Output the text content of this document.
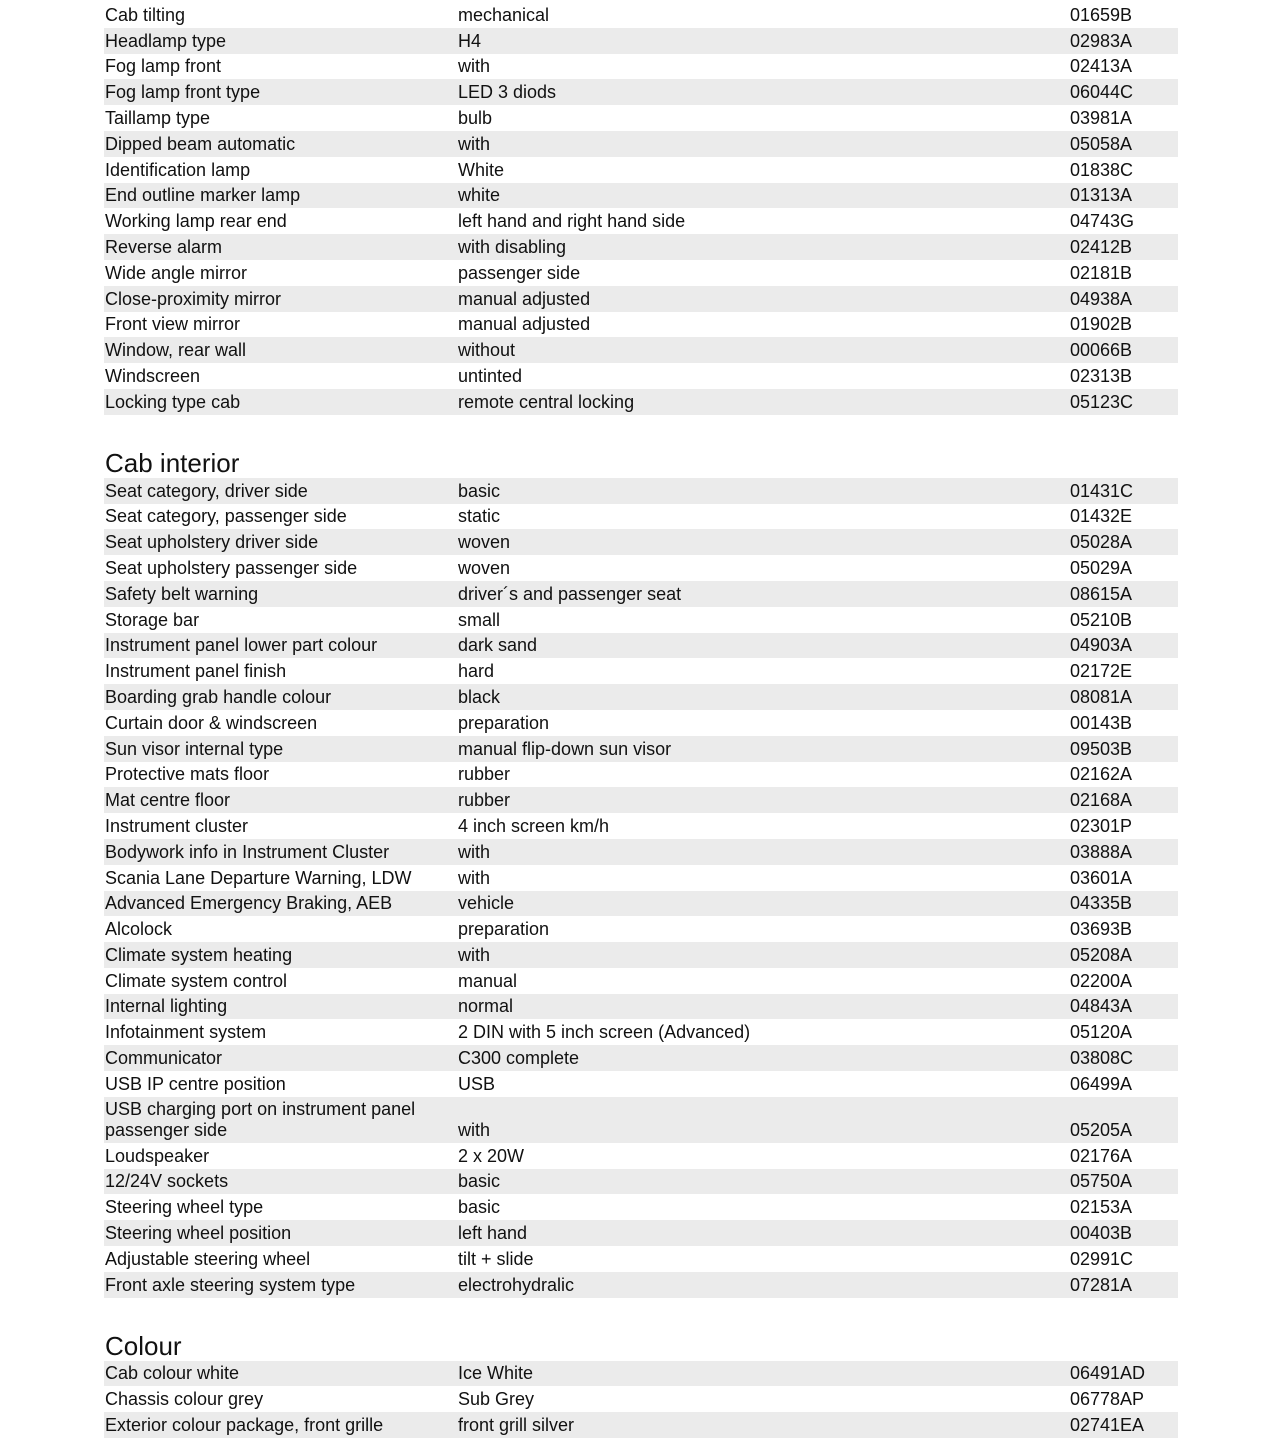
Cab tilting	mechanical	01659B
Headlamp type	H4	02983A
Fog lamp front	with	02413A
Fog lamp front type	LED 3 diods	06044C
Taillamp type	bulb	03981A
Dipped beam automatic	with	05058A
Identification lamp	White	01838C
End outline marker lamp	white	01313A
Working lamp rear end	left hand and right hand side	04743G
Reverse alarm	with disabling	02412B
Wide angle mirror	passenger side	02181B
Close-proximity mirror	manual adjusted	04938A
Front view mirror	manual adjusted	01902B
Window, rear wall	without	00066B
Windscreen	untinted	02313B
Locking type cab	remote central locking	05123C
Cab interior
Seat category, driver side	basic	01431C
Seat category, passenger side	static	01432E
Seat upholstery driver side	woven	05028A
Seat upholstery passenger side	woven	05029A
Safety belt warning	driver´s and passenger seat	08615A
Storage bar	small	05210B
Instrument panel lower part colour	dark sand	04903A
Instrument panel finish	hard	02172E
Boarding grab handle colour	black	08081A
Curtain door & windscreen	preparation	00143B
Sun visor internal type	manual flip-down sun visor	09503B
Protective mats floor	rubber	02162A
Mat centre floor	rubber	02168A
Instrument cluster	4 inch screen km/h	02301P
Bodywork info in Instrument Cluster	with	03888A
Scania Lane Departure Warning, LDW	with	03601A
Advanced Emergency Braking, AEB	vehicle	04335B
Alcolock	preparation	03693B
Climate system heating	with	05208A
Climate system control	manual	02200A
Internal lighting	normal	04843A
Infotainment system	2 DIN with 5 inch screen (Advanced)	05120A
Communicator	C300 complete	03808C
USB IP centre position	USB	06499A
USB charging port on instrument panel passenger side	with	05205A
Loudspeaker	2 x 20W	02176A
12/24V sockets	basic	05750A
Steering wheel type	basic	02153A
Steering wheel position	left hand	00403B
Adjustable steering wheel	tilt + slide	02991C
Front axle steering system type	electrohydralic	07281A
Colour
Cab colour white	Ice White	06491AD
Chassis colour grey	Sub Grey	06778AP
Exterior colour package, front grille	front grill silver	02741EA
